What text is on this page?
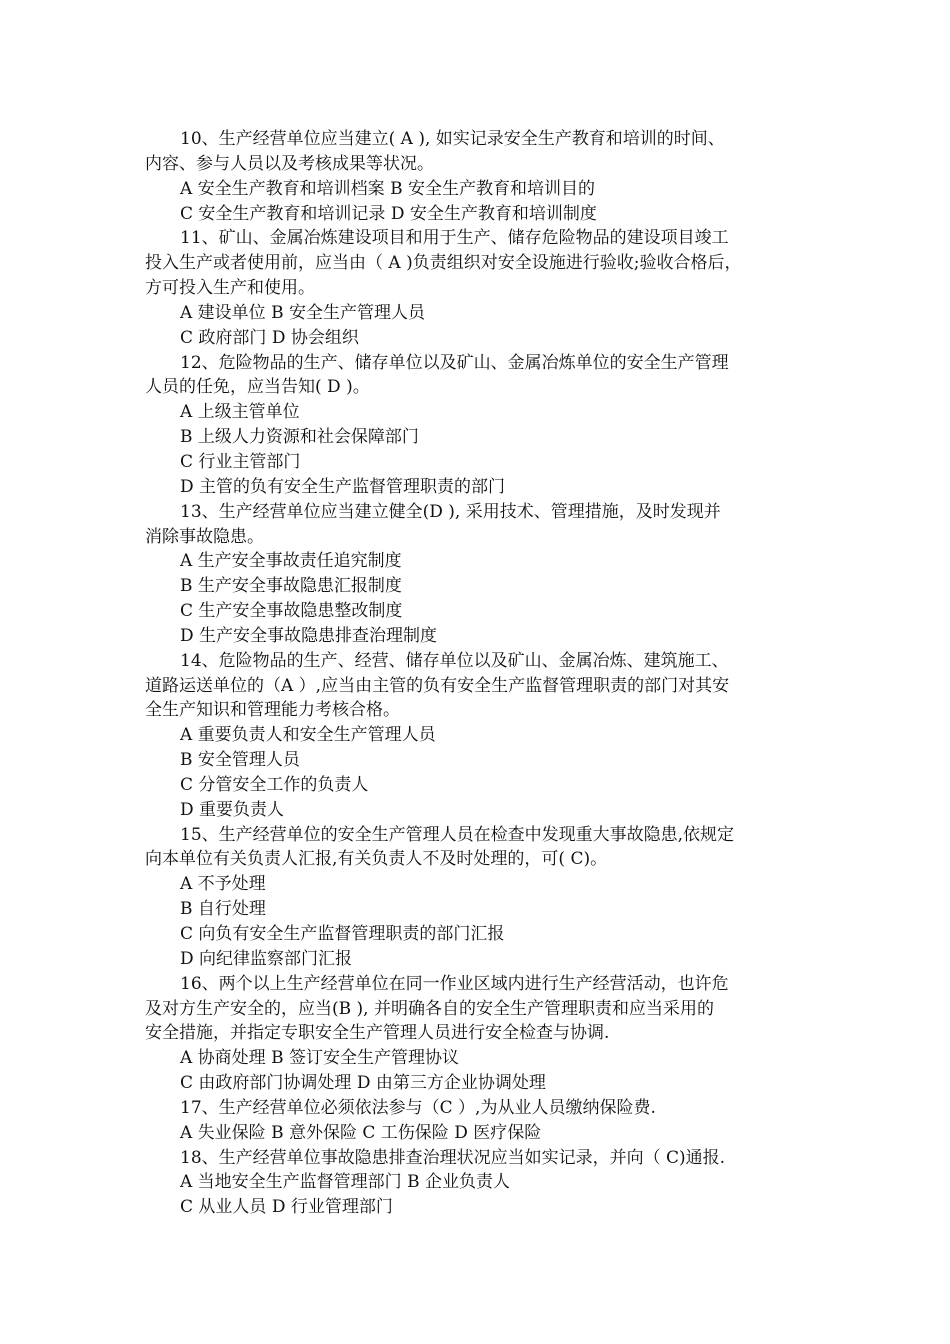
10、生产经营单位应当建立( A ), 如实记录安全生产教育和培训的时间、

内容、参与人员以及考核成果等状况。

A 安全生产教育和培训档案 B 安全生产教育和培训目的

C 安全生产教育和培训记录 D 安全生产教育和培训制度

11、矿山、金属冶炼建设项目和用于生产、储存危险物品的建设项目竣工

投入生产或者使用前，应当由（ A )负责组织对安全设施进行验收;验收合格后，

方可投入生产和使用。

A 建设单位 B 安全生产管理人员

C 政府部门 D 协会组织

12、危险物品的生产、储存单位以及矿山、金属冶炼单位的安全生产管理

人员的任免，应当告知( D )。

A 上级主管单位

B 上级人力资源和社会保障部门

C 行业主管部门

D 主管的负有安全生产监督管理职责的部门

13、生产经营单位应当建立健全(D ), 采用技术、管理措施，及时发现并

消除事故隐患。

A 生产安全事故责任追究制度

B 生产安全事故隐患汇报制度

C 生产安全事故隐患整改制度

D 生产安全事故隐患排查治理制度

14、危险物品的生产、经营、储存单位以及矿山、金属冶炼、建筑施工、

道路运送单位的（A ）,应当由主管的负有安全生产监督管理职责的部门对其安

全生产知识和管理能力考核合格。

A 重要负责人和安全生产管理人员

B 安全管理人员

C 分管安全工作的负责人

D 重要负责人

15、生产经营单位的安全生产管理人员在检查中发现重大事故隐患,依规定

向本单位有关负责人汇报,有关负责人不及时处理的，可( C)。

A 不予处理

B 自行处理

C 向负有安全生产监督管理职责的部门汇报

D 向纪律监察部门汇报

16、两个以上生产经营单位在同一作业区域内进行生产经营活动，也许危

及对方生产安全的，应当(B ), 并明确各自的安全生产管理职责和应当采用的

安全措施，并指定专职安全生产管理人员进行安全检查与协调.

A 协商处理 B 签订安全生产管理协议

C 由政府部门协调处理 D 由第三方企业协调处理

17、生产经营单位必须依法参与（C ）,为从业人员缴纳保险费.

A 失业保险 B 意外保险 C 工伤保险 D 医疗保险

18、生产经营单位事故隐患排查治理状况应当如实记录，并向（ C)通报.

A 当地安全生产监督管理部门 B 企业负责人

C 从业人员 D 行业管理部门
